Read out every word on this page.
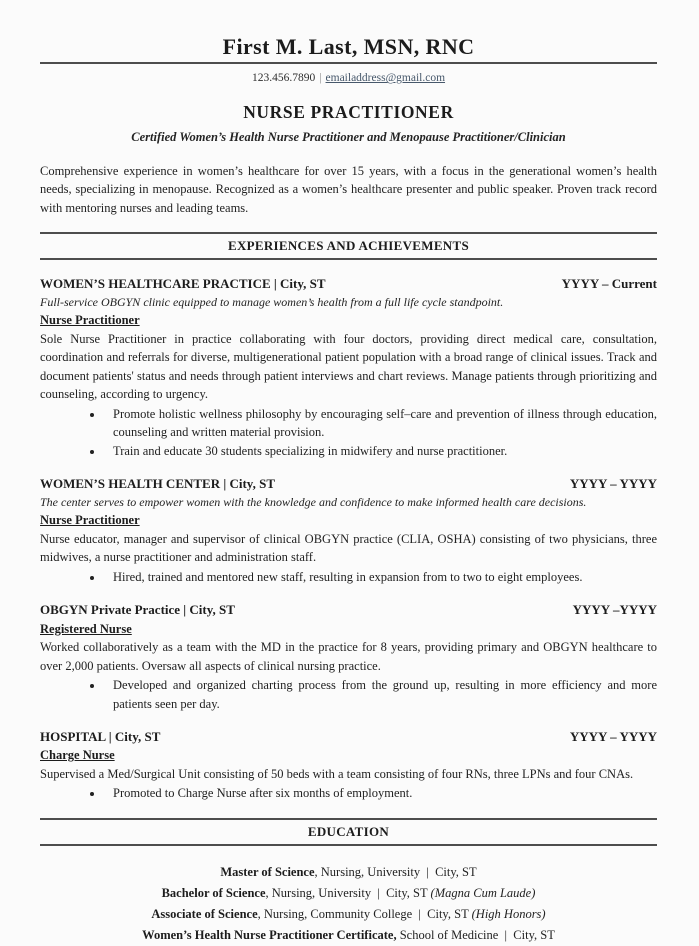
First M. Last, MSN, RNC
123.456.7890 | emailaddress@gmail.com
NURSE PRACTITIONER
Certified Women’s Health Nurse Practitioner and Menopause Practitioner/Clinician
Comprehensive experience in women’s healthcare for over 15 years, with a focus in the generational women’s health needs, specializing in menopause. Recognized as a women’s healthcare presenter and public speaker. Proven track record with mentoring nurses and leading teams.
EXPERIENCES AND ACHIEVEMENTS
WOMEN’S HEALTHCARE PRACTICE | City, ST	YYYY – Current
Full-service OBGYN clinic equipped to manage women’s health from a full life cycle standpoint.
Nurse Practitioner
Sole Nurse Practitioner in practice collaborating with four doctors, providing direct medical care, consultation, coordination and referrals for diverse, multigenerational patient population with a broad range of clinical issues. Track and document patients' status and needs through patient interviews and chart reviews. Manage patients through prioritizing and counseling, according to urgency.
• Promote holistic wellness philosophy by encouraging self–care and prevention of illness through education, counseling and written material provision.
• Train and educate 30 students specializing in midwifery and nurse practitioner.
WOMEN’S HEALTH CENTER | City, ST	YYYY – YYYY
The center serves to empower women with the knowledge and confidence to make informed health care decisions.
Nurse Practitioner
Nurse educator, manager and supervisor of clinical OBGYN practice (CLIA, OSHA) consisting of two physicians, three midwives, a nurse practitioner and administration staff.
• Hired, trained and mentored new staff, resulting in expansion from to two to eight employees.
OBGYN Private Practice | City, ST	YYYY –YYYY
Registered Nurse
Worked collaboratively as a team with the MD in the practice for 8 years, providing primary and OBGYN healthcare to over 2,000 patients. Oversaw all aspects of clinical nursing practice.
• Developed and organized charting process from the ground up, resulting in more efficiency and more patients seen per day.
HOSPITAL | City, ST	YYYY – YYYY
Charge Nurse
Supervised a Med/Surgical Unit consisting of 50 beds with a team consisting of four RNs, three LPNs and four CNAs.
• Promoted to Charge Nurse after six months of employment.
EDUCATION
Master of Science, Nursing, University  |  City, ST
Bachelor of Science, Nursing, University  |  City, ST (Magna Cum Laude)
Associate of Science, Nursing, Community College  |  City, ST (High Honors)
Women’s Health Nurse Practitioner Certificate, School of Medicine  |  City, ST
